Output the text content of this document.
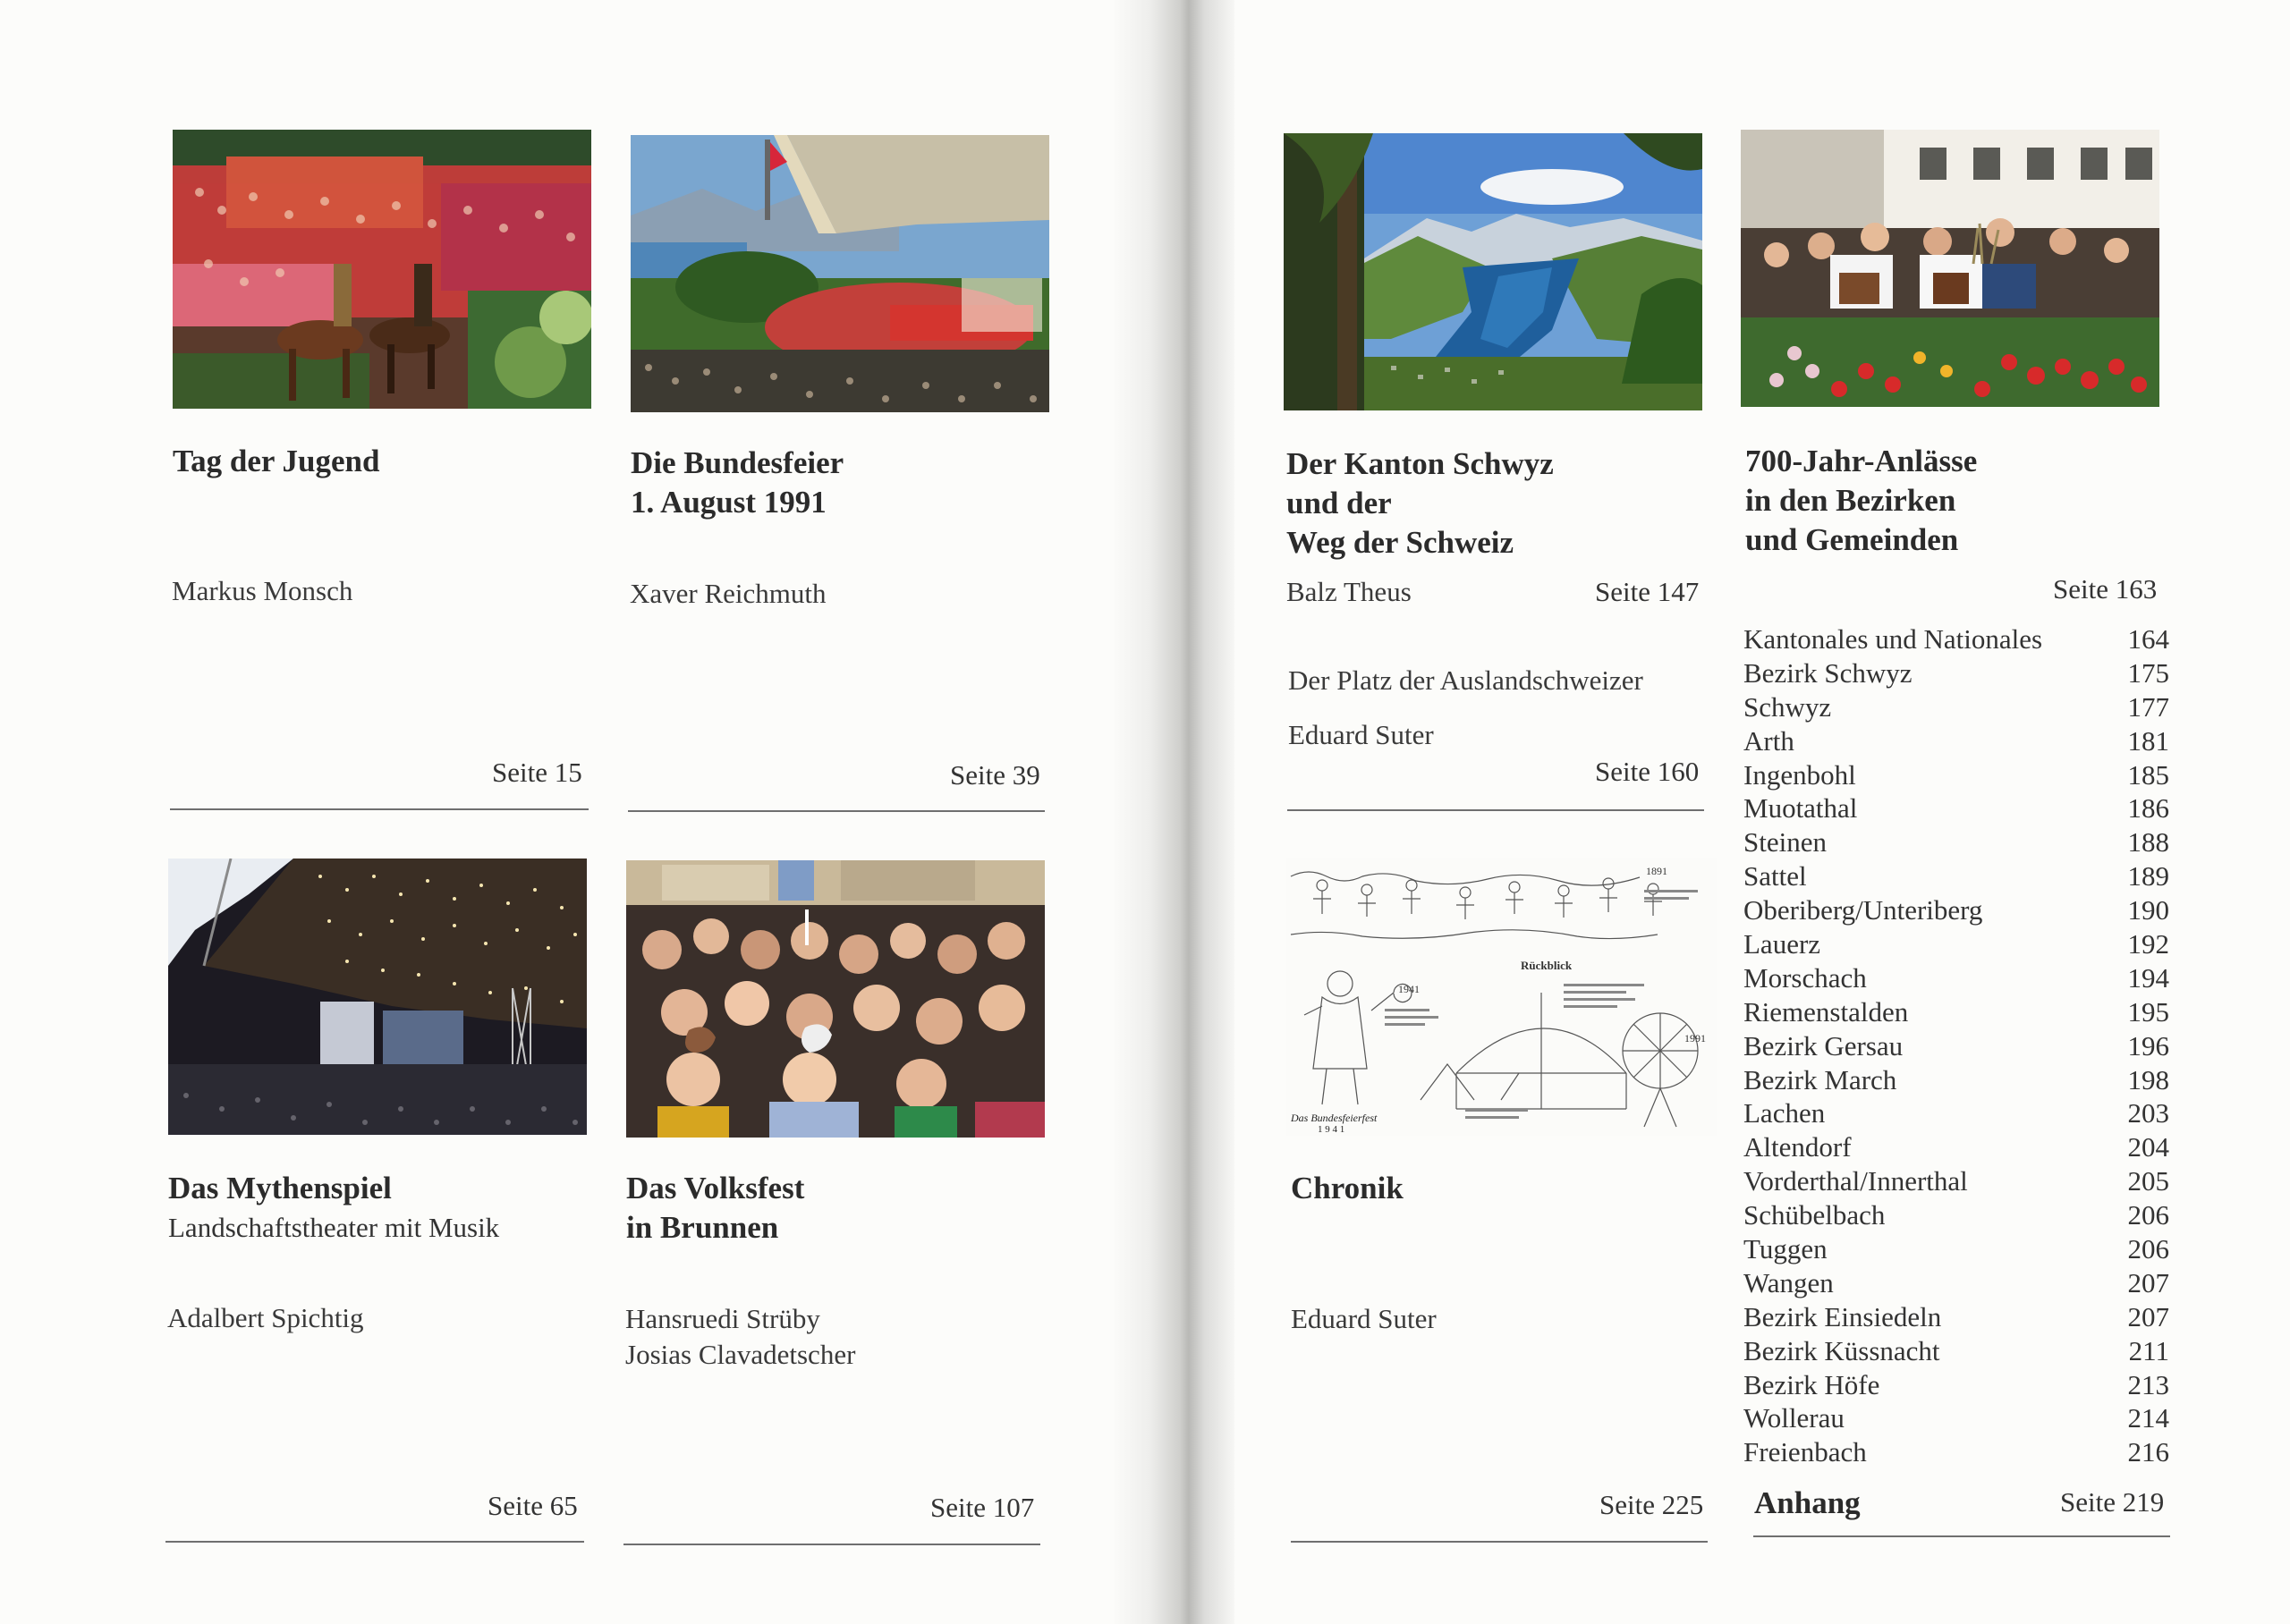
Tag der Jugend

Markus Monsch

Seite 15
Die Bundesfeier
1. August 1991

Xaver Reichmuth

Seite 39
Das Mythenspiel

Landschaftstheater mit Musik

Adalbert Spichtig

Seite 65
Das Volksfest
in Brunnen

Hansruedi Strüby
Josias Clavadetscher

Seite 107
Der Kanton Schwyz
und der
Weg der Schweiz

Balz Theus	Seite 147

Der Platz der Auslandschweizer

Eduard Suter

Seite 160
1891
1941
1991
Rückblick
Das Bundesfeierfest
1 9 4 1
Chronik

Eduard Suter

Seite 225
700-Jahr-Anlässe
in den Bezirken
und Gemeinden
Seite 163
Kantonales und Nationales	164
Bezirk Schwyz	175
Schwyz	177
Arth	181
Ingenbohl	185
Muotathal	186
Steinen	188
Sattel	189
Oberiberg/Unteriberg	190
Lauerz	192
Morschach	194
Riemenstalden	195
Bezirk Gersau	196
Bezirk March	198
Lachen	203
Altendorf	204
Vorderthal/Innerthal	205
Schübelbach	206
Tuggen	206
Wangen	207
Bezirk Einsiedeln	207
Bezirk Küssnacht	211
Bezirk Höfe	213
Wollerau	214
Freienbach	216
Anhang	Seite 219
